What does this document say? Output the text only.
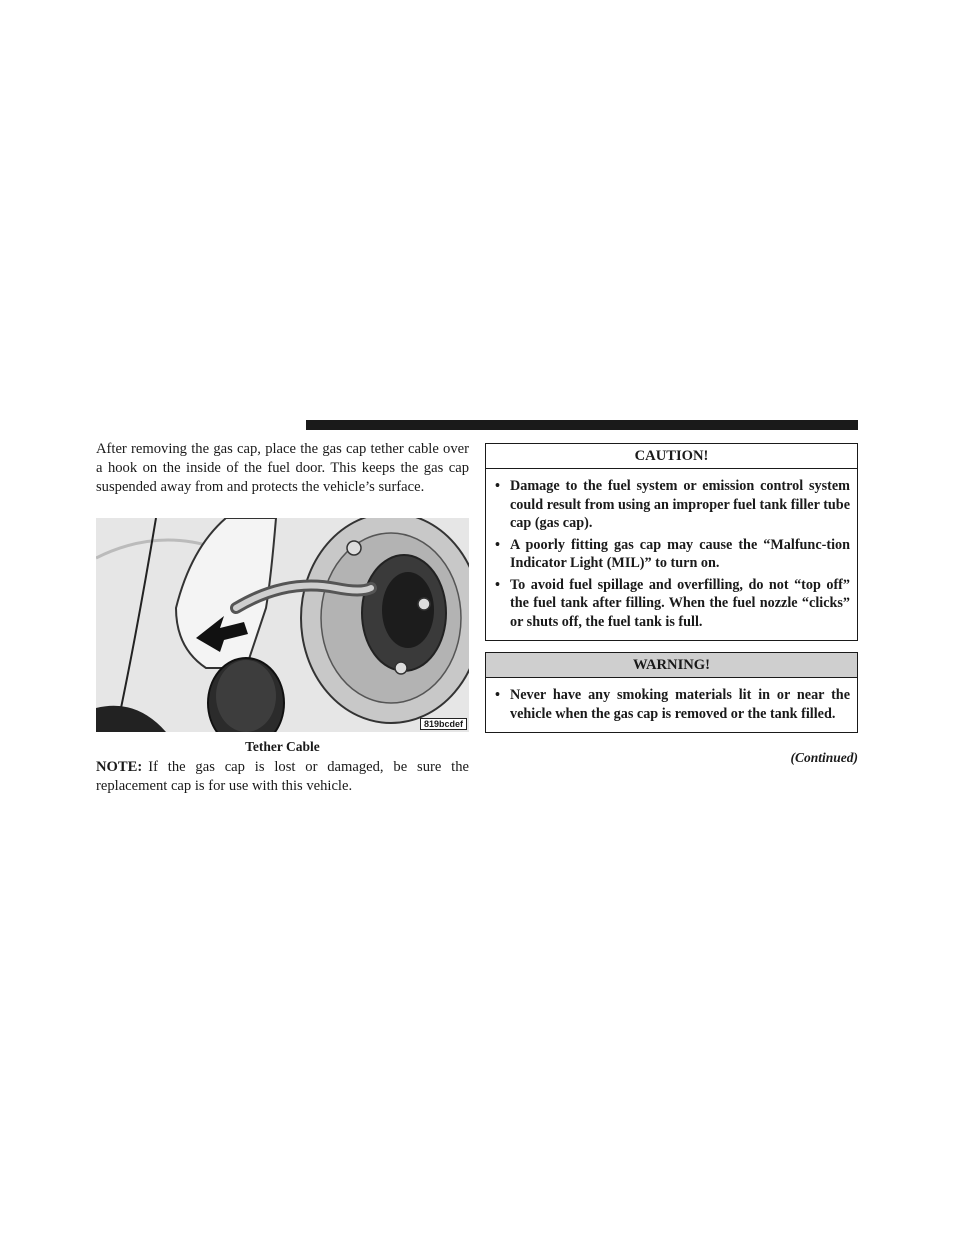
After removing the gas cap, place the gas cap tether cable over a hook on the inside of the fuel door. This keeps the gas cap suspended away from and protects the vehicle’s surface.

819bcdef
Tether Cable

NOTE: If the gas cap is lost or damaged, be sure the replacement cap is for use with this vehicle.

CAUTION!
• Damage to the fuel system or emission control system could result from using an improper fuel tank filler tube cap (gas cap).
• A poorly fitting gas cap may cause the “Malfunc-tion Indicator Light (MIL)” to turn on.
• To avoid fuel spillage and overfilling, do not “top off” the fuel tank after filling. When the fuel nozzle “clicks” or shuts off, the fuel tank is full.
WARNING!
• Never have any smoking materials lit in or near the vehicle when the gas cap is removed or the tank filled.
(Continued)
